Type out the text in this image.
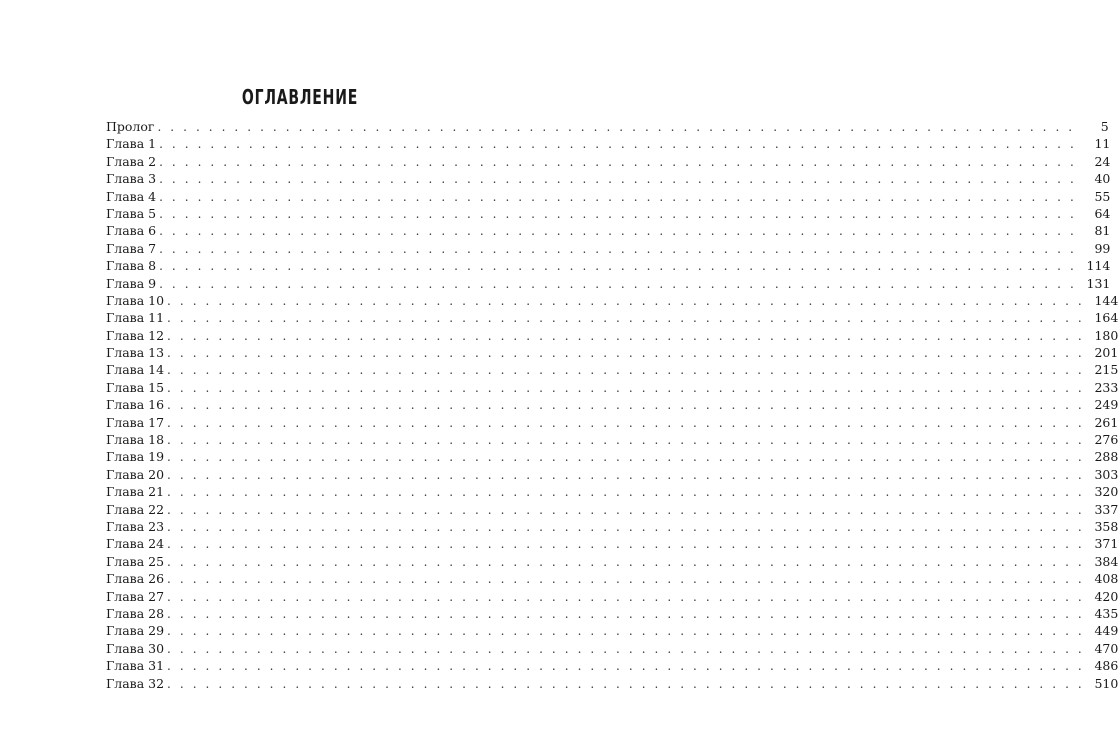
ОГЛАВЛЕНИЕ
Пролог . . . . . . . . . . . . . . . . . . . . . . . . . . . . . . . . . . . . . . . . . . . . . . . . . . . . . . . . . . . . . . . . . . . . . . . .	5
Глава 1 . . . . . . . . . . . . . . . . . . . . . . . . . . . . . . . . . . . . . . . . . . . . . . . . . . . . . . . . . . . . . . . . . . . . . . . .	11
Глава 2 . . . . . . . . . . . . . . . . . . . . . . . . . . . . . . . . . . . . . . . . . . . . . . . . . . . . . . . . . . . . . . . . . . . . . . . .	24
Глава 3 . . . . . . . . . . . . . . . . . . . . . . . . . . . . . . . . . . . . . . . . . . . . . . . . . . . . . . . . . . . . . . . . . . . . . . . .	40
Глава 4 . . . . . . . . . . . . . . . . . . . . . . . . . . . . . . . . . . . . . . . . . . . . . . . . . . . . . . . . . . . . . . . . . . . . . . . .	55
Глава 5 . . . . . . . . . . . . . . . . . . . . . . . . . . . . . . . . . . . . . . . . . . . . . . . . . . . . . . . . . . . . . . . . . . . . . . . .	64
Глава 6 . . . . . . . . . . . . . . . . . . . . . . . . . . . . . . . . . . . . . . . . . . . . . . . . . . . . . . . . . . . . . . . . . . . . . . . .	81
Глава 7 . . . . . . . . . . . . . . . . . . . . . . . . . . . . . . . . . . . . . . . . . . . . . . . . . . . . . . . . . . . . . . . . . . . . . . . .	99
Глава 8 . . . . . . . . . . . . . . . . . . . . . . . . . . . . . . . . . . . . . . . . . . . . . . . . . . . . . . . . . . . . . . . . . . . . . . . . 114
Глава 9 . . . . . . . . . . . . . . . . . . . . . . . . . . . . . . . . . . . . . . . . . . . . . . . . . . . . . . . . . . . . . . . . . . . . . . . . 131
Глава 10 . . . . . . . . . . . . . . . . . . . . . . . . . . . . . . . . . . . . . . . . . . . . . . . . . . . . . . . . . . . . . . . . . . . . . . . . 144
Глава 11 . . . . . . . . . . . . . . . . . . . . . . . . . . . . . . . . . . . . . . . . . . . . . . . . . . . . . . . . . . . . . . . . . . . . . . . . 164
Глава 12 . . . . . . . . . . . . . . . . . . . . . . . . . . . . . . . . . . . . . . . . . . . . . . . . . . . . . . . . . . . . . . . . . . . . . . . . 180
Глава 13 . . . . . . . . . . . . . . . . . . . . . . . . . . . . . . . . . . . . . . . . . . . . . . . . . . . . . . . . . . . . . . . . . . . . . . . . 201
Глава 14 . . . . . . . . . . . . . . . . . . . . . . . . . . . . . . . . . . . . . . . . . . . . . . . . . . . . . . . . . . . . . . . . . . . . . . . . 215
Глава 15 . . . . . . . . . . . . . . . . . . . . . . . . . . . . . . . . . . . . . . . . . . . . . . . . . . . . . . . . . . . . . . . . . . . . . . . . 233
Глава 16 . . . . . . . . . . . . . . . . . . . . . . . . . . . . . . . . . . . . . . . . . . . . . . . . . . . . . . . . . . . . . . . . . . . . . . . . 249
Глава 17 . . . . . . . . . . . . . . . . . . . . . . . . . . . . . . . . . . . . . . . . . . . . . . . . . . . . . . . . . . . . . . . . . . . . . . . . 261
Глава 18 . . . . . . . . . . . . . . . . . . . . . . . . . . . . . . . . . . . . . . . . . . . . . . . . . . . . . . . . . . . . . . . . . . . . . . . . 276
Глава 19 . . . . . . . . . . . . . . . . . . . . . . . . . . . . . . . . . . . . . . . . . . . . . . . . . . . . . . . . . . . . . . . . . . . . . . . . 288
Глава 20 . . . . . . . . . . . . . . . . . . . . . . . . . . . . . . . . . . . . . . . . . . . . . . . . . . . . . . . . . . . . . . . . . . . . . . . . 303
Глава 21 . . . . . . . . . . . . . . . . . . . . . . . . . . . . . . . . . . . . . . . . . . . . . . . . . . . . . . . . . . . . . . . . . . . . . . . . 320
Глава 22 . . . . . . . . . . . . . . . . . . . . . . . . . . . . . . . . . . . . . . . . . . . . . . . . . . . . . . . . . . . . . . . . . . . . . . . . 337
Глава 23 . . . . . . . . . . . . . . . . . . . . . . . . . . . . . . . . . . . . . . . . . . . . . . . . . . . . . . . . . . . . . . . . . . . . . . . . 358
Глава 24 . . . . . . . . . . . . . . . . . . . . . . . . . . . . . . . . . . . . . . . . . . . . . . . . . . . . . . . . . . . . . . . . . . . . . . . . 371
Глава 25 . . . . . . . . . . . . . . . . . . . . . . . . . . . . . . . . . . . . . . . . . . . . . . . . . . . . . . . . . . . . . . . . . . . . . . . . 384
Глава 26 . . . . . . . . . . . . . . . . . . . . . . . . . . . . . . . . . . . . . . . . . . . . . . . . . . . . . . . . . . . . . . . . . . . . . . . . 408
Глава 27 . . . . . . . . . . . . . . . . . . . . . . . . . . . . . . . . . . . . . . . . . . . . . . . . . . . . . . . . . . . . . . . . . . . . . . . . 420
Глава 28 . . . . . . . . . . . . . . . . . . . . . . . . . . . . . . . . . . . . . . . . . . . . . . . . . . . . . . . . . . . . . . . . . . . . . . . . 435
Глава 29 . . . . . . . . . . . . . . . . . . . . . . . . . . . . . . . . . . . . . . . . . . . . . . . . . . . . . . . . . . . . . . . . . . . . . . . . 449
Глава 30 . . . . . . . . . . . . . . . . . . . . . . . . . . . . . . . . . . . . . . . . . . . . . . . . . . . . . . . . . . . . . . . . . . . . . . . . 470
Глава 31 . . . . . . . . . . . . . . . . . . . . . . . . . . . . . . . . . . . . . . . . . . . . . . . . . . . . . . . . . . . . . . . . . . . . . . . . 486
Глава 32 . . . . . . . . . . . . . . . . . . . . . . . . . . . . . . . . . . . . . . . . . . . . . . . . . . . . . . . . . . . . . . . . . . . . . . . . 510
